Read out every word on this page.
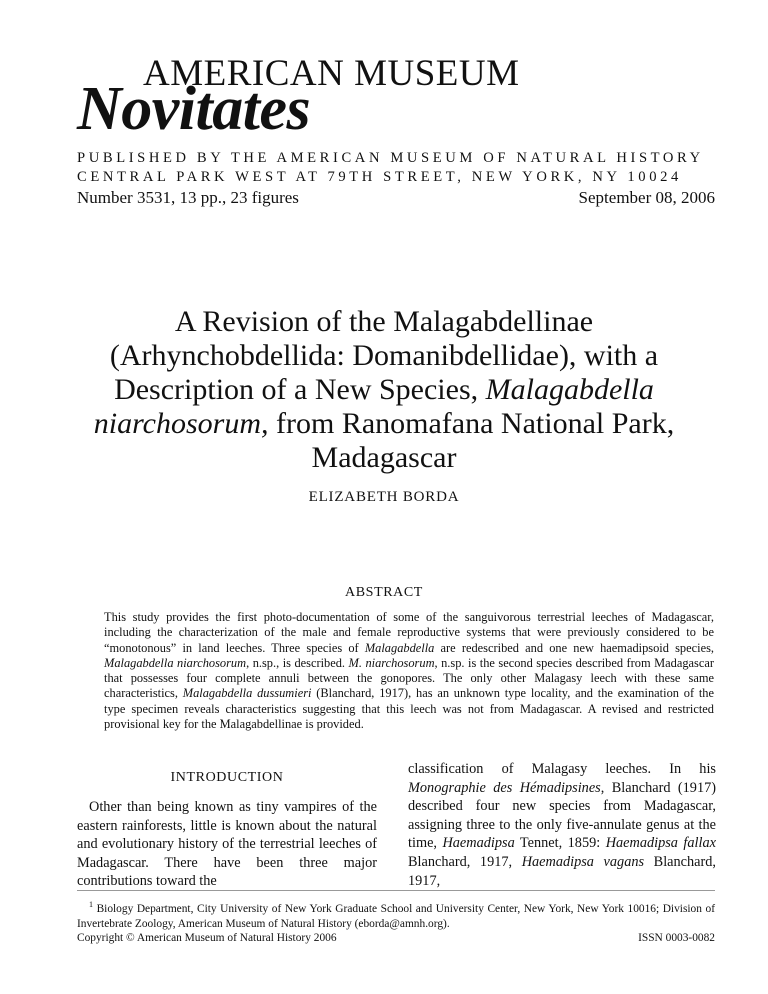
AMERICAN MUSEUM
Novitates
PUBLISHED BY THE AMERICAN MUSEUM OF NATURAL HISTORY
CENTRAL PARK WEST AT 79TH STREET, NEW YORK, NY 10024
Number 3531, 13 pp., 23 figures	September 08, 2006
A Revision of the Malagabdellinae (Arhynchobdellida: Domanibdellidae), with a Description of a New Species, Malagabdella niarchosorum, from Ranomafana National Park, Madagascar
ELIZABETH BORDA
ABSTRACT
This study provides the first photo-documentation of some of the sanguivorous terrestrial leeches of Madagascar, including the characterization of the male and female reproductive systems that were previously considered to be “monotonous” in land leeches. Three species of Malagabdella are redescribed and one new haemadipsoid species, Malagabdella niarchosorum, n.sp., is described. M. niarchosorum, n.sp. is the second species described from Madagascar that possesses four complete annuli between the gonopores. The only other Malagasy leech with these same characteristics, Malagabdella dussumieri (Blanchard, 1917), has an unknown type locality, and the examination of the type specimen reveals characteristics suggesting that this leech was not from Madagascar. A revised and restricted provisional key for the Malagabdellinae is provided.
INTRODUCTION
Other than being known as tiny vampires of the eastern rainforests, little is known about the natural and evolutionary history of the terrestrial leeches of Madagascar. There have been three major contributions toward the
classification of Malagasy leeches. In his Monographie des Hémadipsines, Blanchard (1917) described four new species from Madagascar, assigning three to the only five-annulate genus at the time, Haemadipsa Tennet, 1859: Haemadipsa fallax Blanchard, 1917, Haemadipsa vagans Blanchard, 1917,
$^1$ Biology Department, City University of New York Graduate School and University Center, New York, New York 10016; Division of Invertebrate Zoology, American Museum of Natural History (eborda@amnh.org).
Copyright © American Museum of Natural History 2006	ISSN 0003-0082
